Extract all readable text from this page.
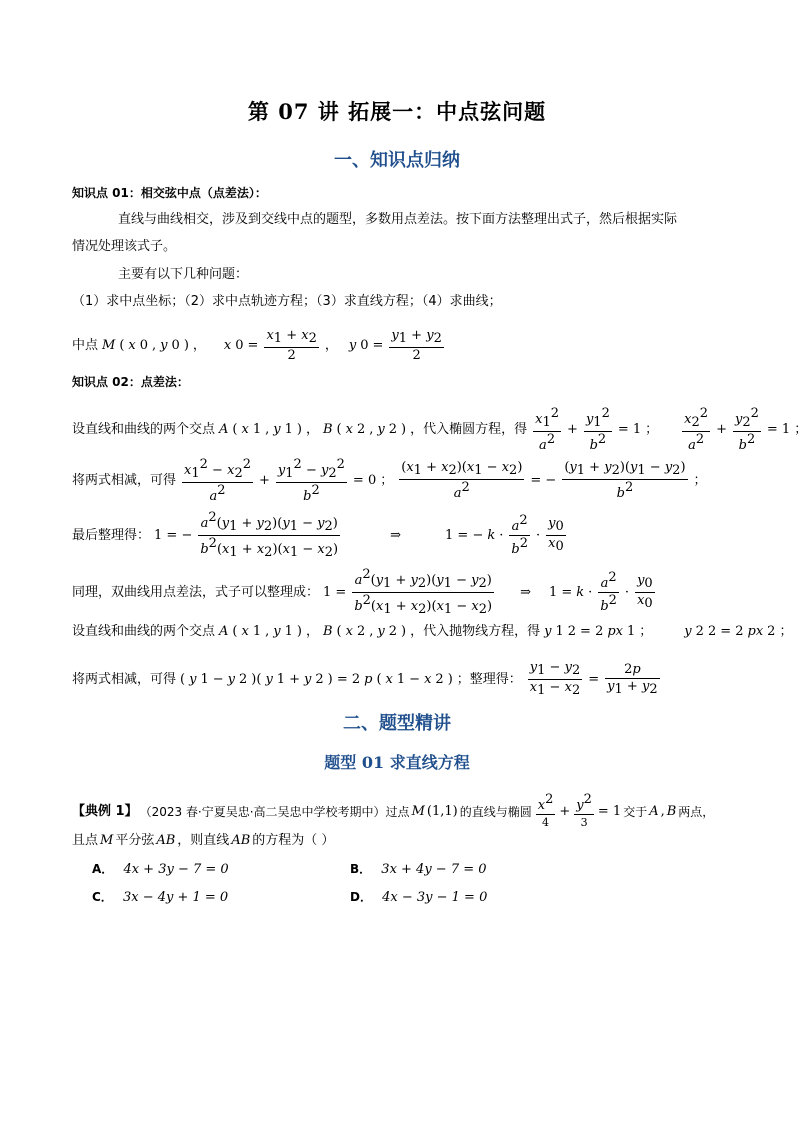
第 07 讲 拓展一：中点弦问题
一、知识点归纳
知识点 01：相交弦中点（点差法）：
直线与曲线相交，涉及到交线中点的题型，多数用点差法。按下面方法整理出式子，然后根据实际
情况处理该式子。
主要有以下几种问题：
（1）求中点坐标；（2）求中点轨迹方程；（3）求直线方程；（4）求曲线；
中点 M ( x 0 , y 0 ) ， x $0 = \frac{x_1 + x_2}{2}$ ， y $0 = \frac{y_1 + y_2}{2}$
知识点 02：点差法：
设直线和曲线的两个交点 A ( x 1 , y 1 ) ， B ( x 2 , y 2 ) ，代入椭圆方程，得 $\frac{x_1^2}{a^2} + \frac{y_1^2}{b^2} = 1$ ； $\frac{x_2^2}{a^2} + \frac{y_2^2}{b^2} = 1$ ；
将两式相减，可得 $\frac{x_1^2 - x_2^2}{a^2} + \frac{y_1^2 - y_2^2}{b^2} = 0$ ； $\frac{(x_1 + x_2)(x_1 - x_2)}{a^2}$ = − $\frac{(y_1 + y_2)(y_1 - y_2)}{b^2}$ ；
最后整理得： 1 = − $\frac{a^2(y_1 + y_2)(y_1 - y_2)}{b^2(x_1 + x_2)(x_1 - x_2)}$	⇒	1 = − $k \cdot \frac{a^2}{b^2} \cdot \frac{y_0}{x_0}$
同理，双曲线用点差法，式子可以整理成： $1 = \frac{a^2(y_1 + y_2)(y_1 - y_2)}{b^2(x_1 + x_2)(x_1 - x_2)}$ ⇒ $1 = k \cdot \frac{a^2}{b^2} \cdot \frac{y_0}{x_0}$
设直线和曲线的两个交点 A ( x 1 , y 1 ) ， B ( x 2 , y 2 ) ，代入抛物线方程，得 y 1 2 = 2 px 1 ； y 2 2 = 2 px 2 ；
将两式相减，可得 ( y 1 − y 2 )( y 1 + y 2 ) = 2 p ( x 1 − x 2 ) ；整理得： $\frac{y_1 - y_2}{x_1 - x_2} = \frac{2p}{y_1 + y_2}$
二、题型精讲
题型 01 求直线方程
【典例 1】 （2023 春·宁夏吴忠·高二吴忠中学校考期中）过点 M (1,1) 的直线与椭圆 $\frac{x^2}{4} + \frac{y^2}{3} = 1$ 交于 A , B 两点，
且点 M 平分弦 AB ，则直线 AB 的方程为（ ）
A． 4x + 3y − 7 = 0	B． 3x + 4y − 7 = 0
C． 3x − 4y + 1 = 0	D． 4x − 3y − 1 = 0
